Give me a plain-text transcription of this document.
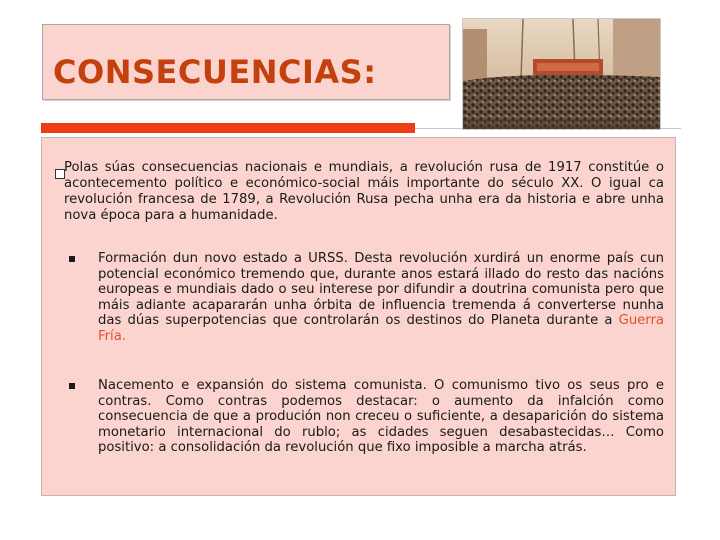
CONSECUENCIAS:

Polas súas consecuencias nacionais e mundiais, a revolución rusa de 1917 constitúe o acontecemento político e económico-social máis importante do século XX. O igual ca revolución francesa de 1789, a Revolución Rusa pecha unha era da historia e abre unha nova época para a humanidade.

Formación dun novo estado a URSS. Desta revolución xurdirá un enorme país cun potencial económico tremendo que, durante anos estará illado do resto das nacións europeas e mundiais dado o seu interese por difundir a doutrina comunista pero que máis adiante acapararán unha órbita de influencia tremenda á converterse nunha das dúas superpotencias que controlarán os destinos do Planeta durante a Guerra Fría.

Nacemento e expansión do sistema comunista. O comunismo tivo os seus pro e contras. Como contras podemos destacar: o aumento da infalción como consecuencia de que a produción non creceu o suficiente, a desaparición do sistema monetario internacional do rublo; as cidades seguen desabastecidas… Como positivo: a consolidación da revolución que fixo imposible a marcha atrás.
